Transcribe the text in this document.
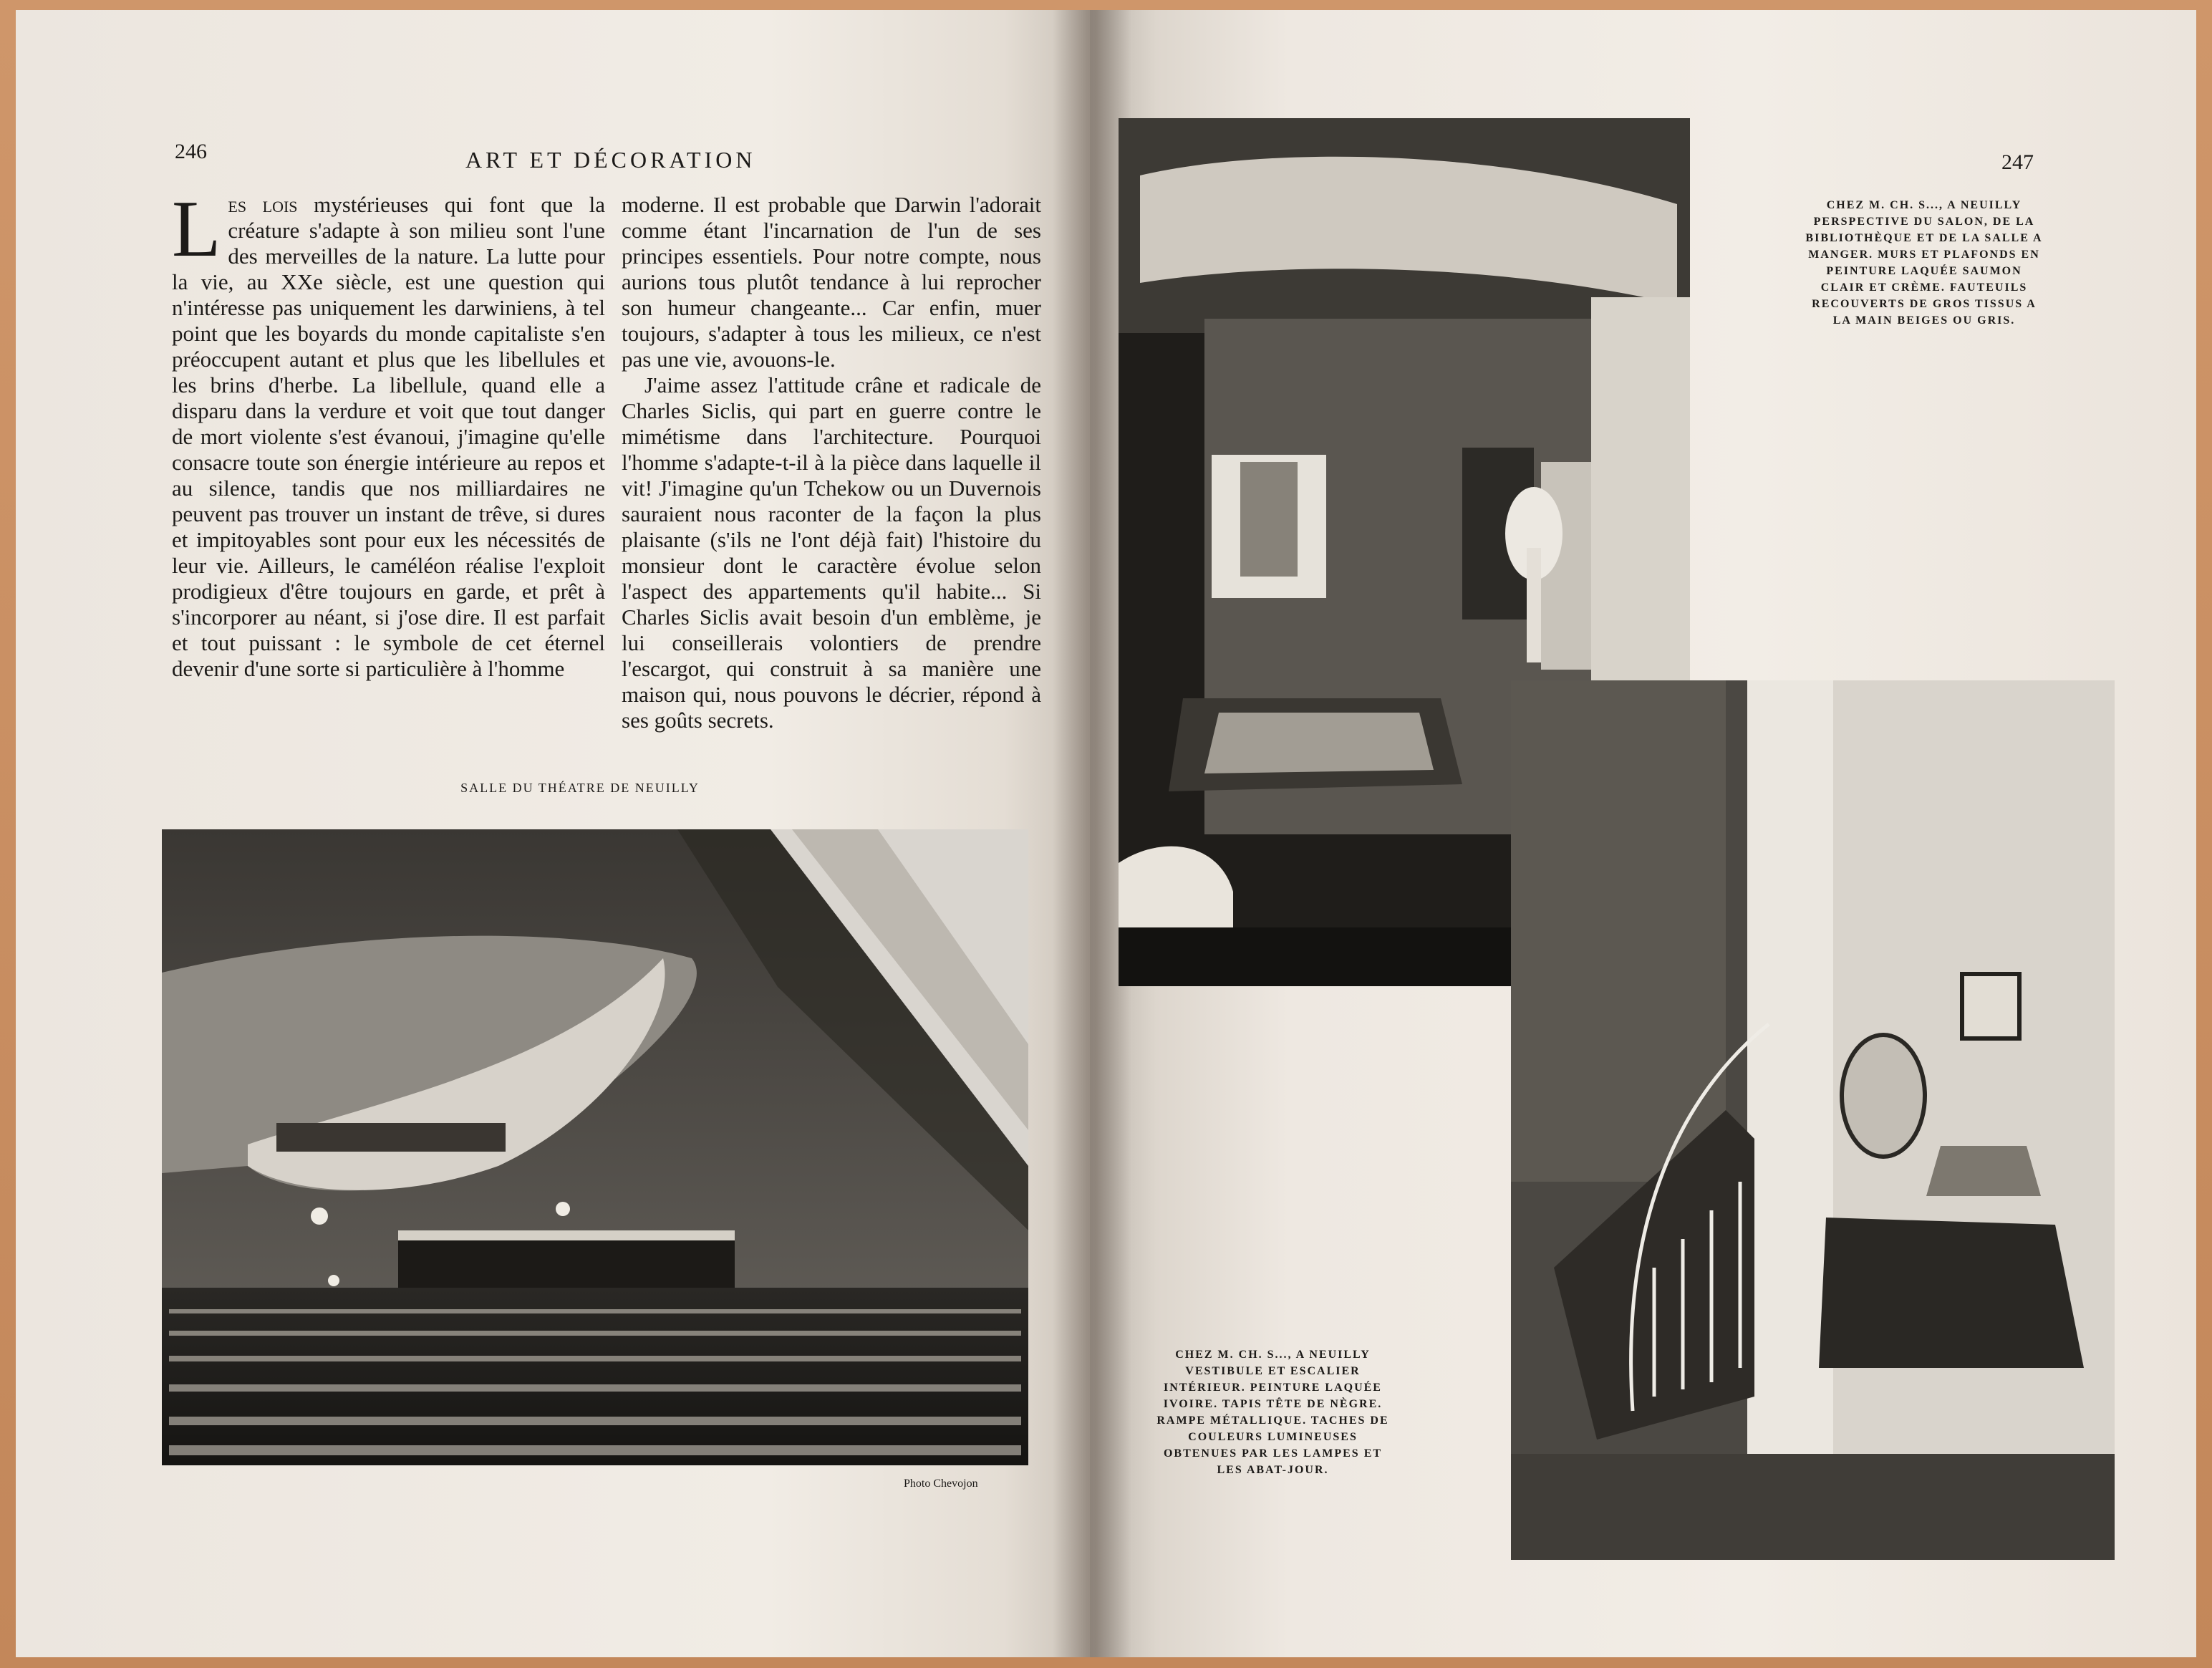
246	ART ET DÉCORATION
Les lois mystérieuses qui font que la créature s'adapte à son milieu sont l'une des merveilles de la nature. La lutte pour la vie, au XXe siècle, est une question qui n'intéresse pas uniquement les darwiniens, à tel point que les boyards du monde capitaliste s'en préoccupent autant et plus que les libellules et les brins d'herbe. La libellule, quand elle a disparu dans la verdure et voit que tout danger de mort violente s'est évanoui, j'imagine qu'elle consacre toute son énergie intérieure au repos et au silence, tandis que nos milliardaires ne peuvent pas trouver un instant de trêve, si dures et impitoyables sont pour eux les nécessités de leur vie. Ailleurs, le caméléon réalise l'exploit prodigieux d'être toujours en garde, et prêt à s'incorporer au néant, si j'ose dire. Il est parfait et tout puissant : le symbole de cet éternel devenir d'une sorte si particulière à l'homme

moderne. Il est probable que Darwin l'adorait comme étant l'incarnation de l'un de ses principes essentiels. Pour notre compte, nous aurions tous plutôt tendance à lui reprocher son humeur changeante... Car enfin, muer toujours, s'adapter à tous les milieux, ce n'est pas une vie, avouons-le.

J'aime assez l'attitude crâne et radicale de Charles Siclis, qui part en guerre contre le mimétisme dans l'architecture. Pourquoi l'homme s'adapte-t-il à la pièce dans laquelle il vit! J'imagine qu'un Tchekow ou un Duvernois sauraient nous raconter de la façon la plus plaisante (s'ils ne l'ont déjà fait) l'histoire du monsieur dont le caractère évolue selon l'aspect des appartements qu'il habite... Si Charles Siclis avait besoin d'un emblème, je lui conseillerais volontiers de prendre l'escargot, qui construit à sa manière une maison qui, nous pouvons le décrier, répond à ses goûts secrets.

SALLE DU THÉATRE DE NEUILLY
Photo Chevojon
247
CHEZ M. CH. S..., A NEUILLY PERSPECTIVE DU SALON, DE LA BIBLIOTHÈQUE ET DE LA SALLE A MANGER. MURS ET PLAFONDS EN PEINTURE LAQUÉE SAUMON CLAIR ET CRÈME. FAUTEUILS RECOUVERTS DE GROS TISSUS A LA MAIN BEIGES OU GRIS.
CHEZ M. CH. S..., A NEUILLY VESTIBULE ET ESCALIER INTÉRIEUR. PEINTURE LAQUÉE IVOIRE. TAPIS TÊTE DE NÈGRE. RAMPE MÉTALLIQUE. TACHES DE COULEURS LUMINEUSES OBTENUES PAR LES LAMPES ET LES ABAT-JOUR.
